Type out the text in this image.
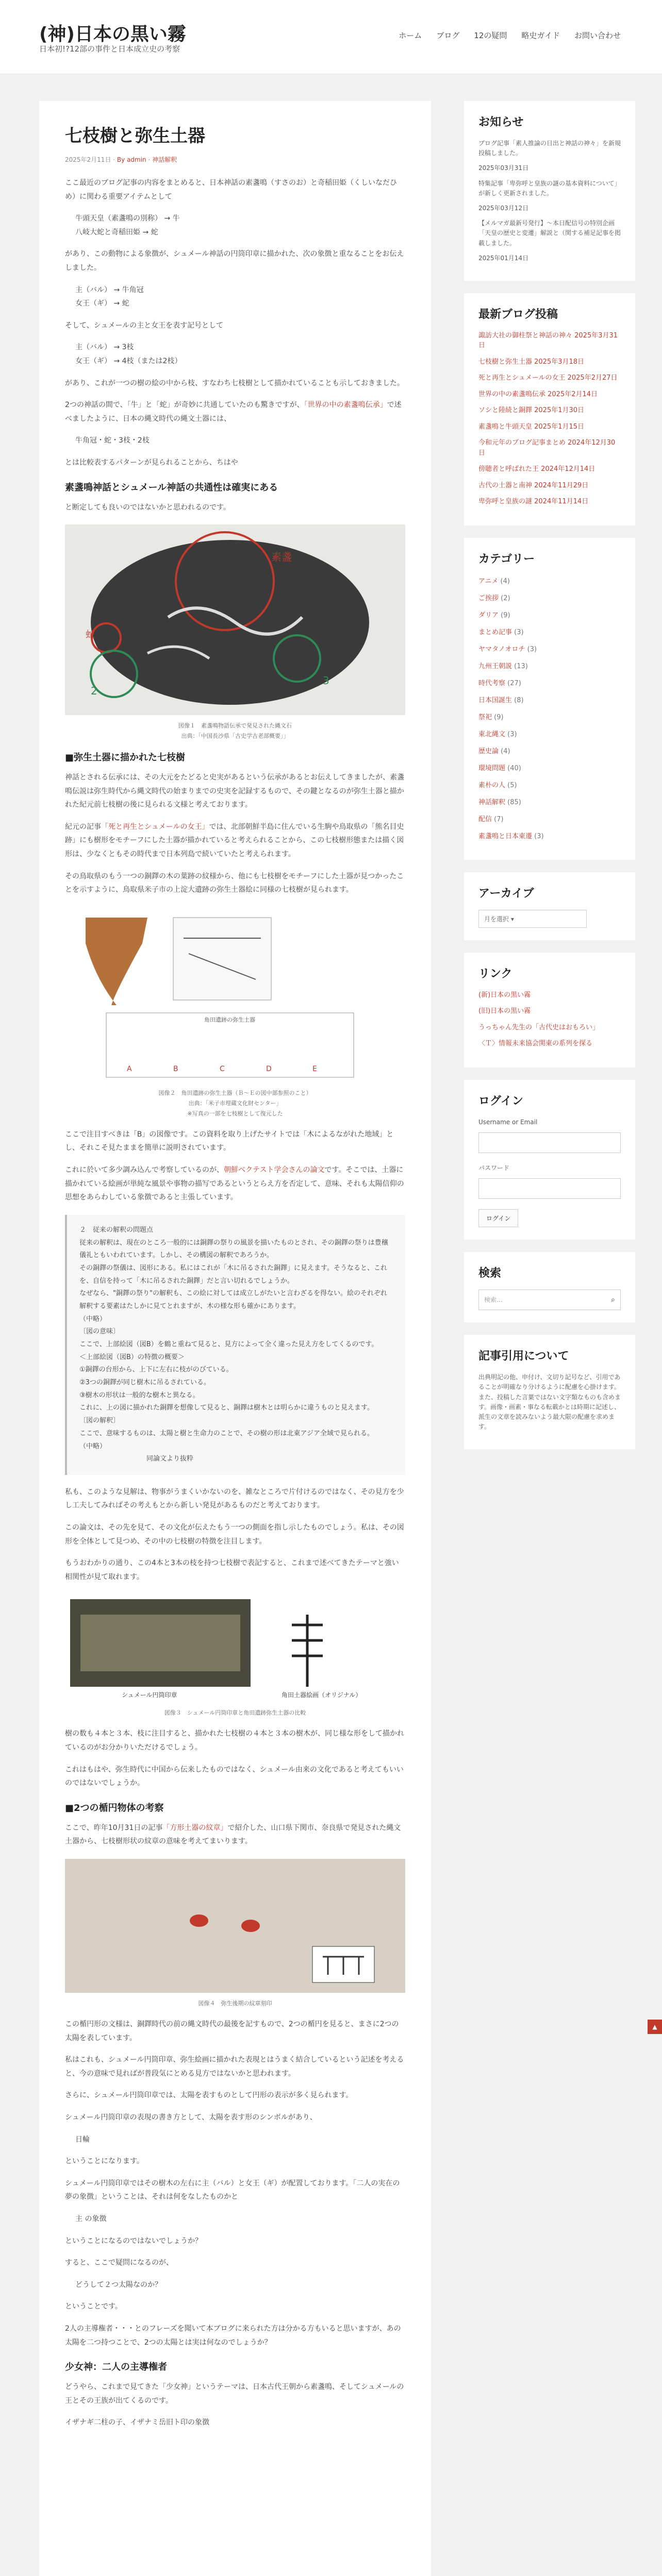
(神)日本の黒い霧
日本初!?12部の事件と日本成立史の考察
ホーム ブログ 12の疑問 略史ガイド お問い合わせ
七枝樹と弥生土器
2025年2月11日 · By admin · 神話解釈

ここ最近のブログ記事の内容をまとめると、日本神話の素盞鳴（すさのお）と奇稲田姫（くしいなだひめ）に関わる重要アイテムとして

牛頭天皇（素盞鳴の別称） → 牛

八岐大蛇と奇稲田姫 → 蛇

があり、この動物による象徴が、シュメール神話の円筒印章に描かれた、次の象徴と重なることをお伝えしました。

主（バル） → 牛角冠

女王（ギ） → 蛇

そして、シュメールの主と女王を表す記号として

主（バル） → 3枝

女王（ギ） → 4枝（または2枝）

があり、これが一つの樹の絵の中から枝、すなわち七枝樹として描かれていることも示しておきました。

2つの神話の間で、「牛」と「蛇」が奇妙に共通していたのも驚きですが、「世界の中の素盞鳴伝承」で述べましたように、日本の縄文時代の縄文土器には、

牛角冠・蛇・3枝・2枝

とは比較表するパターンが見られることから、ちはや

素盞鳴神話とシュメール神話の共通性は確実にある

と断定しても良いのではないかと思われるのです。

素盞
蛇
2
3
図像１　素盞鳴物語伝承で発見された縄文石
出典：「中国長沙県「古史学古老部概要」」
■弥生土器に描かれた七枝樹

神話とされる伝承には、その大元をたどると史実があるという伝承があるとお伝えしてきましたが、素盞鳴伝説は弥生時代から縄文時代の始まりまでの史実を記録するもので、その鍵となるのが弥生土器と描かれた紀元前七枝樹の後に見られる文様と考えております。

紀元の記事「死と再生とシュメールの女王」では、北部朝鮮半島に住んでいる生駒や鳥取県の「熊名目史跡」にも樹形をモチーフにした土器が描かれていると考えられることから、この七枝樹形態または描く図形は、少なくともその時代まで日本列島で続いていたと考えられます。

その鳥取県のもう一つの銅鐸の木の葉跡の紋様から、他にも七枝樹をモチーフにした土器が見つかったことを示すように、鳥取県米子市の上淀大遺跡の弥生土器絵に同様の七枝樹が見られます。

角田遺跡の弥生土器
A	B	C	D	E
図像２　角田遺跡の弥生土器（Ｂ～Ｅの図中部参照のこと）
出典：「米子市埋蔵文化財センター」
※写真の一部を七枝樹として復元した

ここで注目すべきは「B」の図像です。この資料を取り上げたサイトでは「木によるながれた地域」とし、それこそ見たままを簡単に説明されています。

これに於いて多少調み込んで考察しているのが、朝鮮ベクテスト学会さんの論文です。そこでは、土器に描かれている絵画が単純な風景や事物の描写であるというとらえ方を否定して、意味、それも太陽信仰の思想をあらわしている象徴であると主張しています。

２　従来の解釈の問題点
従来の解釈は、現在のところ一般的には銅鐸の祭りの風景を描いたものとされ、その銅鐸の祭りは豊穣儀礼ともいわれています。しかし、その構図の解釈であろうか。
その銅鐸の祭儀は、図形にある。私にはこれが「木に吊るされた銅鐸」に見えます。そうなると、これを、自信を持って「木に吊るされた銅鐸」だと言い切れるでしょうか。
なぜなら、"銅鐸の祭り"の解釈も、この絵に対しては成立しがたいと言わざるを得ない。絵のそれぞれ解釈する要素はたしかに見てとれますが、木の様な形も確かにあります。
（中略）
〔図の意味〕
ここで、上部絵図（図B）を鶴と重ねて見ると、見方によって全く違った見え方をしてくるのです。
＜上部絵図（図B）の特徴の概要＞
①銅鐸の台形から、上下に左右に枝がのびている。
②3つの銅鐸が同じ樹木に吊るされている。
③樹木の形状は一般的な樹木と異なる。
これに、上の図に描かれた銅鐸を想像して見ると、銅鐸は樹木とは明らかに違うものと見えます。
〔図の解釈〕
ここで、意味するものは、太陽と樹と生命力のことで、その樹の形は北東アジア全域で見られる。
（中略）
　　　　　　　　　　同論文より抜粋

私も、このような見解は、物事がうまくいかないのを、雑なところで片付けるのではなく、その見方を少し工夫してみればその考えもとから新しい発見があるものだと考えております。

この論文は、その先を見て、その文化が伝えたもう一つの側面を指し示したものでしょう。私は、その図形を全体として見つめ、その中の七枝樹の特徴を注目します。

もうおわかりの通り、この4本と3本の枝を持つ七枝樹で表記すると、これまで述べてきたテーマと強い相関性が見て取れます。

シュメール円筒印章	角田土器絵画（オリジナル）
図像３　シュメール円筒印章と角田遺跡弥生土器の比較

樹の数も４本と３本、枝に注目すると、描かれた七枝樹の４本と３本の樹木が、同じ様な形をして描かれているのがお分かりいただけるでしょう。

これはもはや、弥生時代に中国から伝来したものではなく、シュメール由来の文化であると考えてもいいのではないでしょうか。

■2つの楯円物体の考察

ここで、昨年10月31日の記事「方形土器の紋章」で紹介した、山口県下関市、奈良県で発見された縄文土器から、七枝樹形状の紋章の意味を考えてまいります。

図像４　弥生後期の紋章刻印

この楯円形の文様は、銅鐸時代の前の縄文時代の最後を記すもので、2つの楯円を見ると、まさに2つの太陽を表しています。

私はこれも、シュメール円筒印章、弥生絵画に描かれた表現とはうまく結合しているという記述を考えると、今の意味で見ればが普段気にとめる見方ではないかと思われます。

さらに、シュメール円筒印章では、太陽を表すものとして円形の表示が多く見られます。

シュメール円筒印章の表現の書き方として、太陽を表す形のシンボルがあり、

日輪

ということになります。

シュメール円筒印章ではその樹木の左右に主（バル）と女王（ギ）が配置しております。「二人の実在の夢の象徴」ということは、それは何をなしたものかと

主 の象徴

ということになるのではないでしょうか？

すると、ここで疑問になるのが、

どうして２つ太陽なのか？

ということです。

2人の主導権者・・・とのフレーズを聞いて本ブログに来られた方は分かる方もいると思いますが、あの太陽を二つ持つことで、2つの太陽とは実は何なのでしょうか？

少女神：二人の主導権者

どうやら、これまで見てきた「少女神」というテーマは、日本古代王朝から素盞鳴、そしてシュメールの王とその王族が出てくるのです。

イザナギ二柱の子、イザナミ岳旧ト印の象徴

お知らせ

ブログ記事「素人推論の日出と神話の神々」を新規投稿しました。

2025年03月31日

特集記事「卑弥呼と皇族の謎の基本資料について」が新しく更新されました。

2025年03月12日

【メルマガ最新号発行】～本日配信号の特別企画「天皇の歴史と変遷」解説と（関する補足記事を掲載しました。

2025年01月14日

最新ブログ投稿

諏訪大社の御柱祭と神話の神々 2025年3月31日

七枝樹と弥生土器 2025年3月18日

死と再生とシュメールの女王 2025年2月27日

世界の中の素盞鳴伝承 2025年2月14日

ソシと陸続と銅鐸 2025年1月30日

素盞鳴と牛頭天皇 2025年1月15日

今和元年のブログ記事まとめ 2024年12月30日

傍聴者と呼ばれた王 2024年12月14日

古代の土器と南神 2024年11月29日

卑弥呼と皇族の謎 2024年11月14日

カテゴリー
アニメ (4)
ご挨拶 (2)
ダリア (9)
まとめ記事 (3)
ヤマタノオロチ (3)
九州王朝説 (13)
時代考察 (27)
日本国誕生 (8)
祭祀 (9)
東北縄文 (3)
歴史論 (4)
環境問題 (40)
素朴の人 (5)
神話解釈 (85)
配信 (7)
素盞鳴と日本東遷 (3)
アーカイブ
月を選択 ▾
リンク

(新)日本の黒い霧

(旧)日本の黒い霧

うっちゃん先生の「古代史はおもろい」

〈Ｔ〉情報未来協会関東の系列を探る

ログイン
Username or Email
パスワード
ログイン
検索
検索...	⌕
記事引用について

出典明記の他、申付け、文切り記号など、引用であることが明確なり分けるように配慮を心掛けます。また、投稿した言葉ではない文字類なものも含めます。画像・画素・事なる転載かとは時期に記述し、派生の文章を読みないよう最大限の配慮を求めます。

▲
